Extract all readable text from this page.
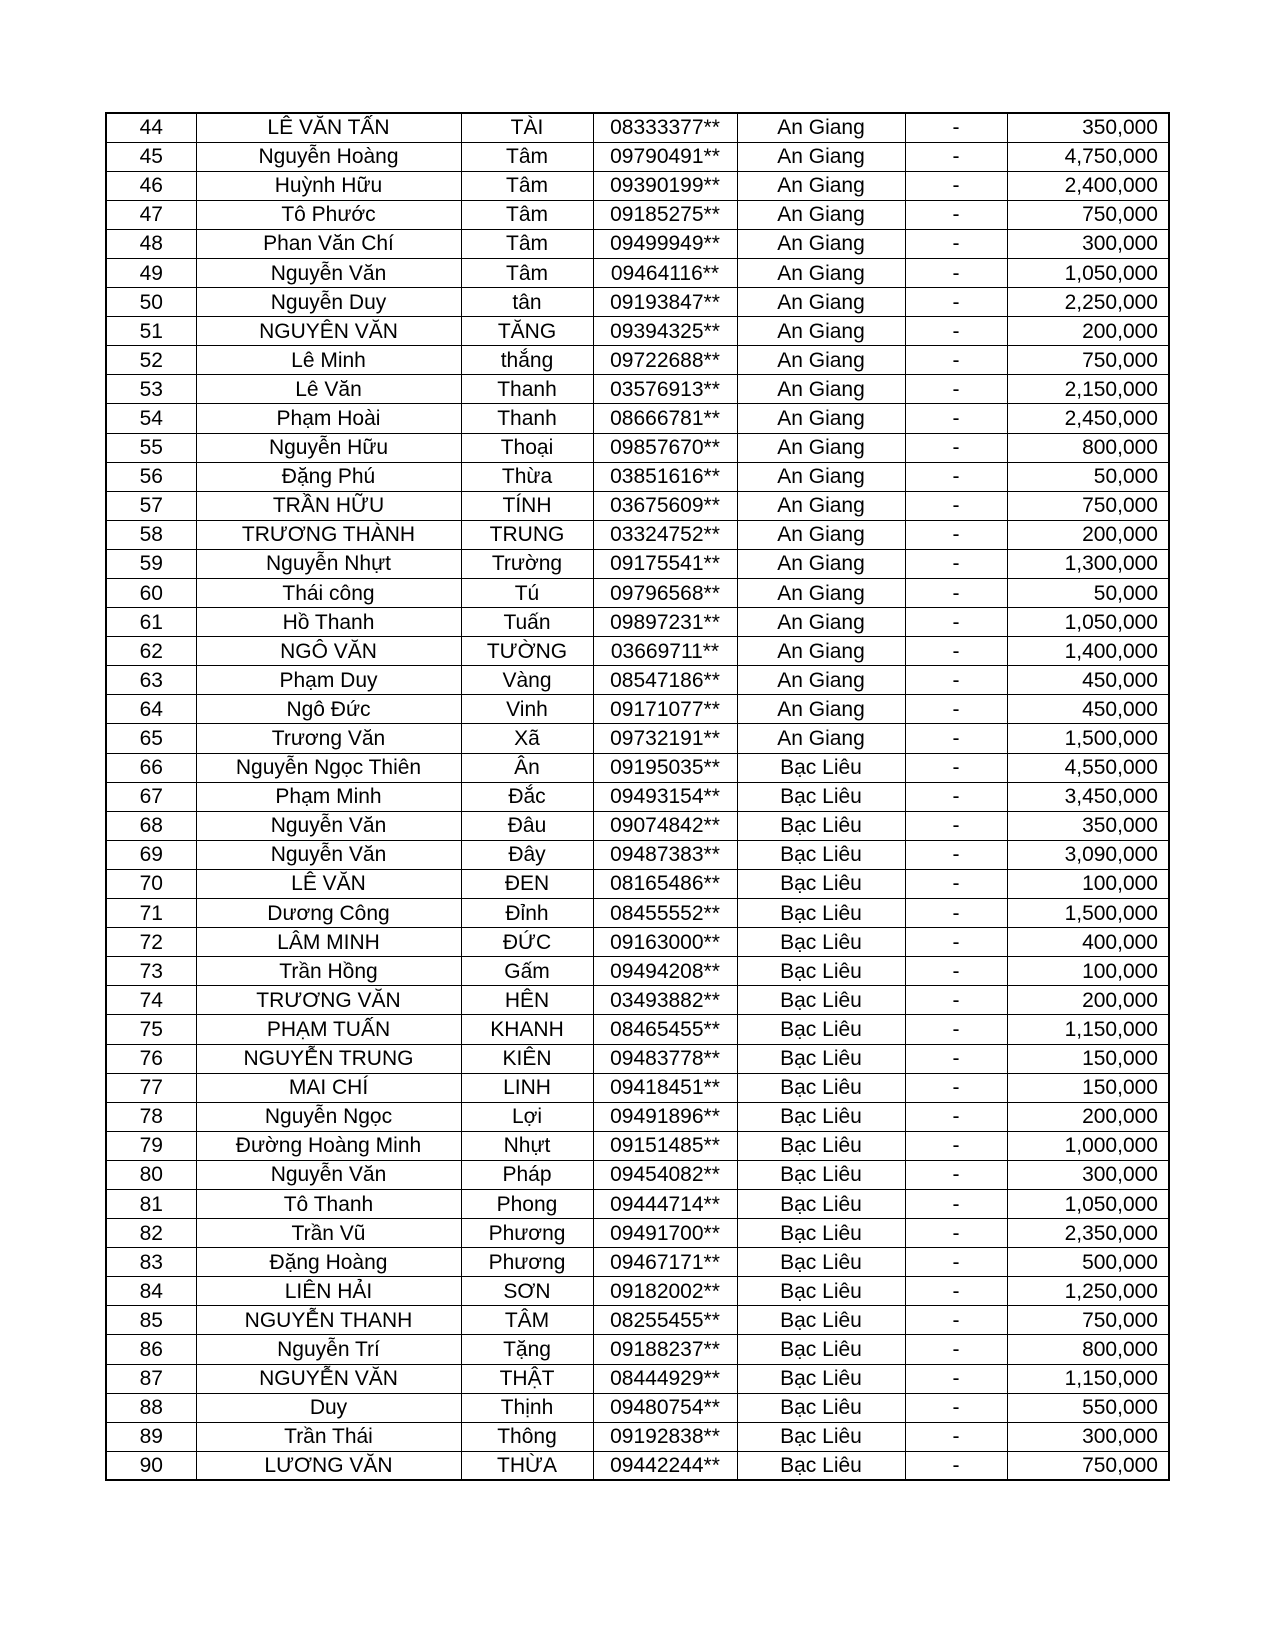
44	LÊ VĂN TẤN	TÀI	08333377**	An Giang	-	350,000
45	Nguyễn Hoàng	Tâm	09790491**	An Giang	-	4,750,000
46	Huỳnh Hữu	Tâm	09390199**	An Giang	-	2,400,000
47	Tô Phước	Tâm	09185275**	An Giang	-	750,000
48	Phan Văn Chí	Tâm	09499949**	An Giang	-	300,000
49	Nguyễn Văn	Tâm	09464116**	An Giang	-	1,050,000
50	Nguyễn Duy	tân	09193847**	An Giang	-	2,250,000
51	NGUYÊN VĂN	TĂNG	09394325**	An Giang	-	200,000
52	Lê Minh	thắng	09722688**	An Giang	-	750,000
53	Lê Văn	Thanh	03576913**	An Giang	-	2,150,000
54	Phạm Hoài	Thanh	08666781**	An Giang	-	2,450,000
55	Nguyễn Hữu	Thoại	09857670**	An Giang	-	800,000
56	Đặng Phú	Thừa	03851616**	An Giang	-	50,000
57	TRẦN HỮU	TÍNH	03675609**	An Giang	-	750,000
58	TRƯƠNG THÀNH	TRUNG	03324752**	An Giang	-	200,000
59	Nguyễn Nhựt	Trường	09175541**	An Giang	-	1,300,000
60	Thái công	Tú	09796568**	An Giang	-	50,000
61	Hồ Thanh	Tuấn	09897231**	An Giang	-	1,050,000
62	NGÔ VĂN	TƯỜNG	03669711**	An Giang	-	1,400,000
63	Phạm Duy	Vàng	08547186**	An Giang	-	450,000
64	Ngô Đức	Vinh	09171077**	An Giang	-	450,000
65	Trương Văn	Xã	09732191**	An Giang	-	1,500,000
66	Nguyễn Ngọc Thiên	Ân	09195035**	Bạc Liêu	-	4,550,000
67	Phạm Minh	Đắc	09493154**	Bạc Liêu	-	3,450,000
68	Nguyễn Văn	Đâu	09074842**	Bạc Liêu	-	350,000
69	Nguyễn Văn	Đây	09487383**	Bạc Liêu	-	3,090,000
70	LÊ VĂN	ĐEN	08165486**	Bạc Liêu	-	100,000
71	Dương Công	Đỉnh	08455552**	Bạc Liêu	-	1,500,000
72	LÂM MINH	ĐỨC	09163000**	Bạc Liêu	-	400,000
73	Trần Hồng	Gấm	09494208**	Bạc Liêu	-	100,000
74	TRƯƠNG VĂN	HÊN	03493882**	Bạc Liêu	-	200,000
75	PHẠM TUẤN	KHANH	08465455**	Bạc Liêu	-	1,150,000
76	NGUYỄN TRUNG	KIÊN	09483778**	Bạc Liêu	-	150,000
77	MAI CHÍ	LINH	09418451**	Bạc Liêu	-	150,000
78	Nguyễn Ngọc	Lợi	09491896**	Bạc Liêu	-	200,000
79	Đường Hoàng Minh	Nhựt	09151485**	Bạc Liêu	-	1,000,000
80	Nguyễn Văn	Pháp	09454082**	Bạc Liêu	-	300,000
81	Tô Thanh	Phong	09444714**	Bạc Liêu	-	1,050,000
82	Trần Vũ	Phương	09491700**	Bạc Liêu	-	2,350,000
83	Đặng Hoàng	Phương	09467171**	Bạc Liêu	-	500,000
84	LIÊN HẢI	SƠN	09182002**	Bạc Liêu	-	1,250,000
85	NGUYỄN THANH	TÂM	08255455**	Bạc Liêu	-	750,000
86	Nguyễn Trí	Tặng	09188237**	Bạc Liêu	-	800,000
87	NGUYỄN VĂN	THẬT	08444929**	Bạc Liêu	-	1,150,000
88	Duy	Thịnh	09480754**	Bạc Liêu	-	550,000
89	Trần Thái	Thông	09192838**	Bạc Liêu	-	300,000
90	LƯƠNG VĂN	THỪA	09442244**	Bạc Liêu	-	750,000
